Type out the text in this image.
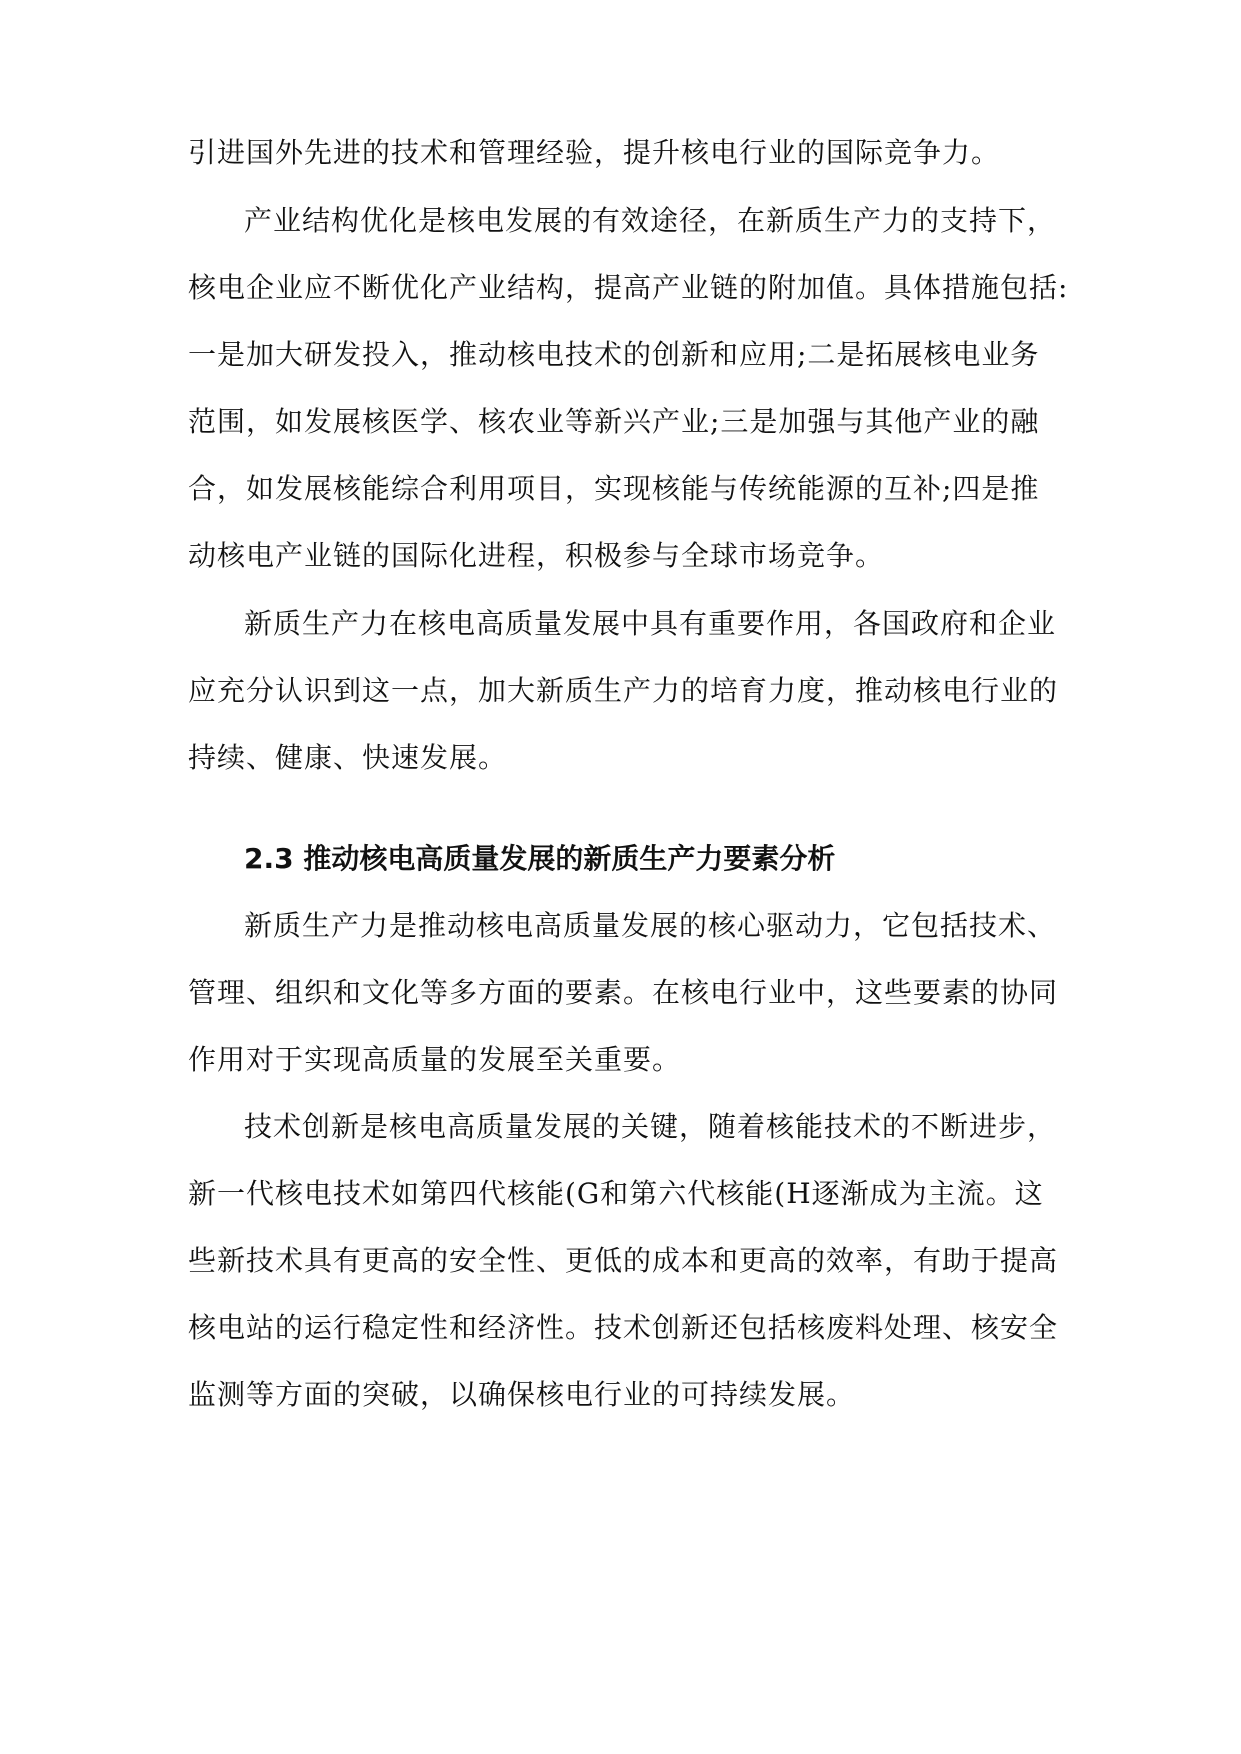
引进国外先进的技术和管理经验，提升核电行业的国际竞争力。
产业结构优化是核电发展的有效途径，在新质生产力的支持下，
核电企业应不断优化产业结构，提高产业链的附加值。具体措施包括:
一是加大研发投入，推动核电技术的创新和应用;二是拓展核电业务
范围，如发展核医学、核农业等新兴产业;三是加强与其他产业的融
合，如发展核能综合利用项目，实现核能与传统能源的互补;四是推
动核电产业链的国际化进程，积极参与全球市场竞争。
新质生产力在核电高质量发展中具有重要作用，各国政府和企业
应充分认识到这一点，加大新质生产力的培育力度，推动核电行业的
持续、健康、快速发展。
2.3 推动核电高质量发展的新质生产力要素分析
新质生产力是推动核电高质量发展的核心驱动力，它包括技术、
管理、组织和文化等多方面的要素。在核电行业中，这些要素的协同
作用对于实现高质量的发展至关重要。
技术创新是核电高质量发展的关键，随着核能技术的不断进步，
新一代核电技术如第四代核能(G和第六代核能(H逐渐成为主流。这
些新技术具有更高的安全性、更低的成本和更高的效率，有助于提高
核电站的运行稳定性和经济性。技术创新还包括核废料处理、核安全
监测等方面的突破，以确保核电行业的可持续发展。
